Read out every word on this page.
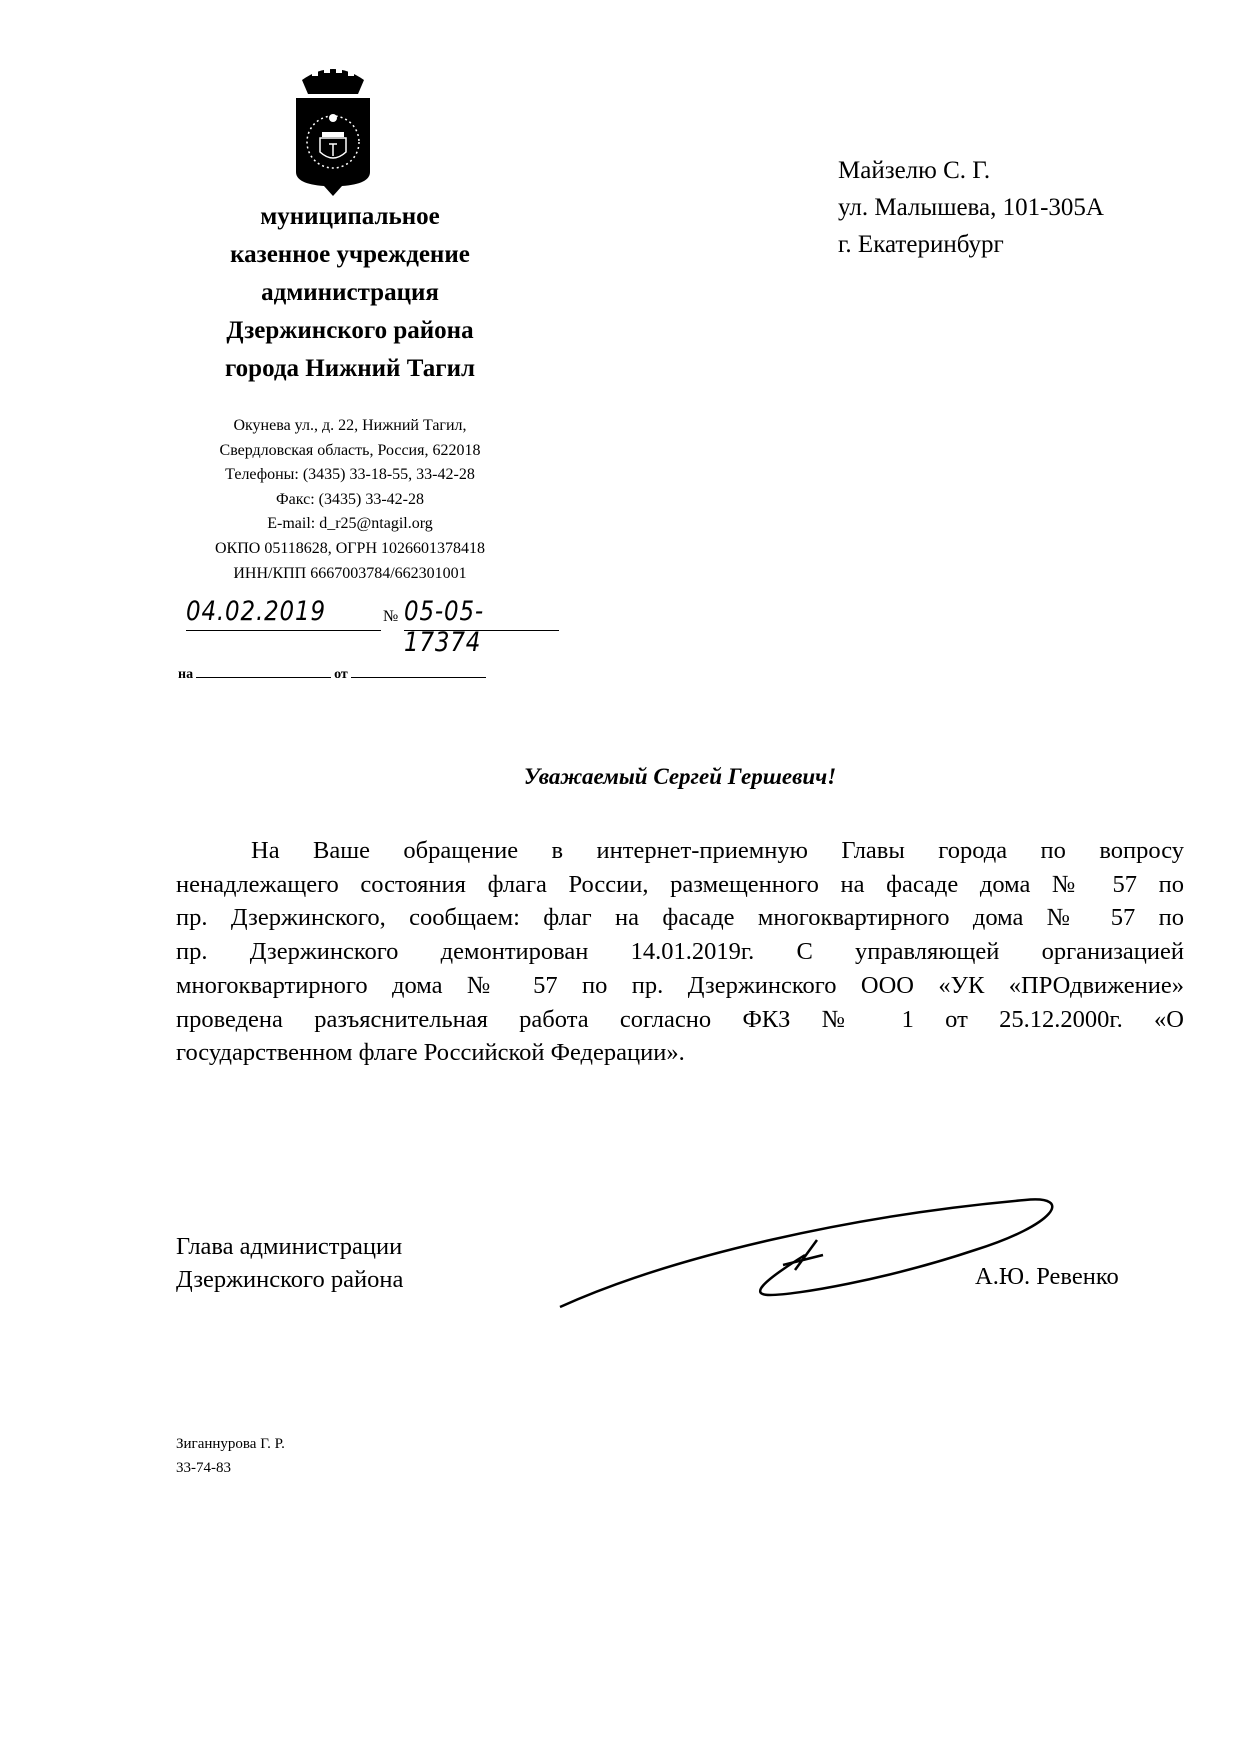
муниципальное
казенное учреждение
администрация
Дзержинского района
города Нижний Тагил
Окунева ул., д. 22, Нижний Тагил,
Свердловская область, Россия, 622018
Телефоны: (3435) 33-18-55, 33-42-28
Факс: (3435) 33-42-28
E-mail: d_r25@ntagil.org
ОКПО 05118628, ОГРН 1026601378418
ИНН/КПП 6667003784/662301001
04.02.2019	№ 05-05-17374
на	от
Майзелю С. Г.
ул. Малышева, 101-305А
г. Екатеринбург
Уважаемый Сергей Гершевич!
На Ваше обращение в интернет-приемную Главы города по вопросу
ненадлежащего состояния флага России, размещенного на фасаде дома № 57 по
пр. Дзержинского, сообщаем: флаг на фасаде многоквартирного дома № 57 по
пр. Дзержинского демонтирован 14.01.2019г. С управляющей организацией
многоквартирного дома № 57 по пр. Дзержинского ООО «УК «ПРОдвижение»
проведена разъяснительная работа согласно ФКЗ № 1 от 25.12.2000г. «О
государственном флаге Российской Федерации».
Глава администрации
Дзержинского района	А.Ю. Ревенко
Зиганнурова Г. Р.
33-74-83
